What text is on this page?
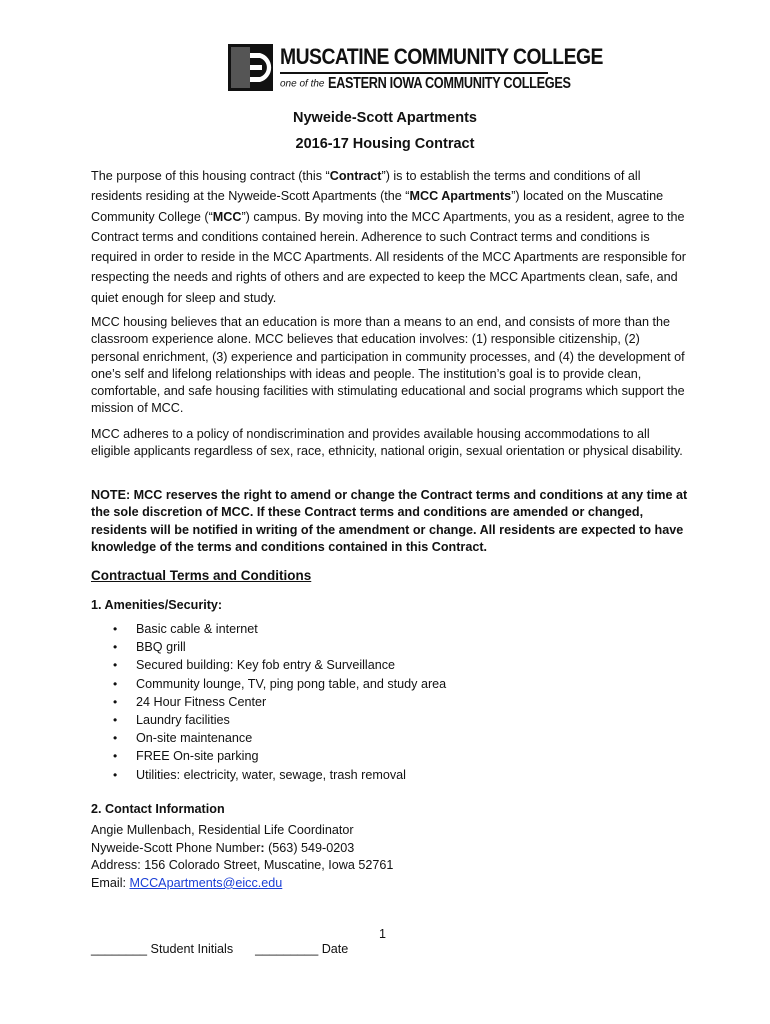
MUSCATINE COMMUNITY COLLEGE
one of the EASTERN IOWA COMMUNITY COLLEGES
Nyweide-Scott Apartments
2016-17 Housing Contract

The purpose of this housing contract (this “Contract”) is to establish the terms and conditions of all residents residing at the Nyweide-Scott Apartments (the “MCC Apartments”) located on the Muscatine Community College (“MCC”) campus. By moving into the MCC Apartments, you as a resident, agree to the Contract terms and conditions contained herein. Adherence to such Contract terms and conditions is required in order to reside in the MCC Apartments. All residents of the MCC Apartments are responsible for respecting the needs and rights of others and are expected to keep the MCC Apartments clean, safe, and quiet enough for sleep and study.

MCC housing believes that an education is more than a means to an end, and consists of more than the classroom experience alone. MCC believes that education involves: (1) responsible citizenship, (2) personal enrichment, (3) experience and participation in community processes, and (4) the development of one’s self and lifelong relationships with ideas and people. The institution’s goal is to provide clean, comfortable, and safe housing facilities with stimulating educational and social programs which support the mission of MCC.

MCC adheres to a policy of nondiscrimination and provides available housing accommodations to all eligible applicants regardless of sex, race, ethnicity, national origin, sexual orientation or physical disability.

NOTE: MCC reserves the right to amend or change the Contract terms and conditions at any time at the sole discretion of MCC. If these Contract terms and conditions are amended or changed, residents will be notified in writing of the amendment or change. All residents are expected to have knowledge of the terms and conditions contained in this Contract.

Contractual Terms and Conditions
1. Amenities/Security:
• Basic cable & internet
• BBQ grill
• Secured building: Key fob entry & Surveillance
• Community lounge, TV, ping pong table, and study area
• 24 Hour Fitness Center
• Laundry facilities
• On-site maintenance
• FREE On-site parking
• Utilities: electricity, water, sewage, trash removal
2. Contact Information
Angie Mullenbach, Residential Life Coordinator
Nyweide-Scott Phone Number: (563) 549-0203
Address: 156 Colorado Street, Muscatine, Iowa 52761
Email: MCCApartments@eicc.edu
1
________ Student Initials _________ Date
